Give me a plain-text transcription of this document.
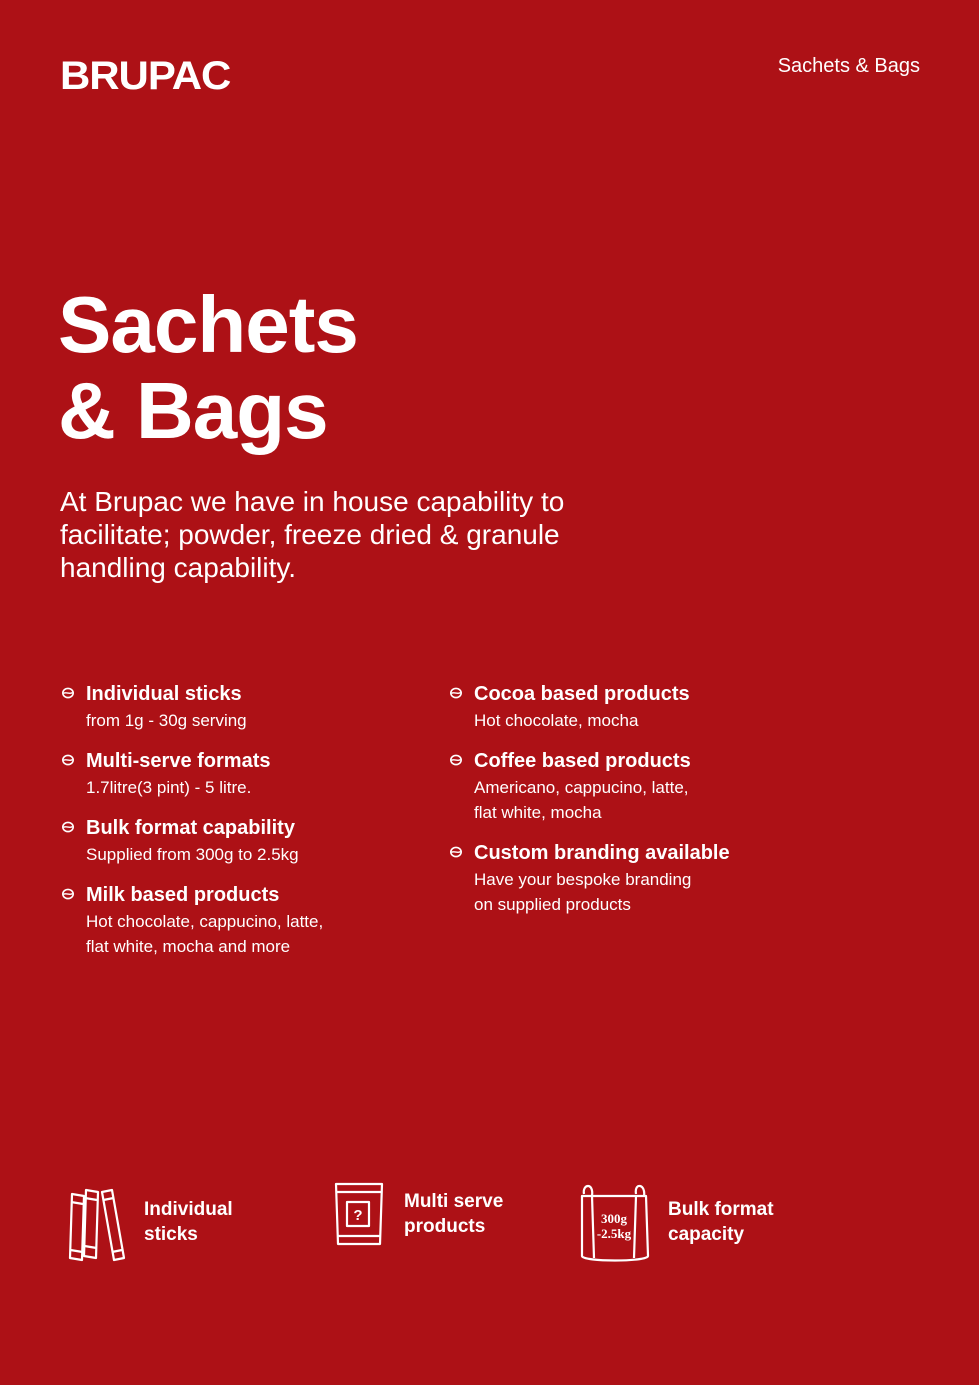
BRUPAC	Sachets & Bags
Sachets
& Bags
At Brupac we have in house capability to facilitate; powder, freeze dried & granule handling capability.
Individual sticks
from 1g - 30g serving
Multi-serve formats
1.7litre(3 pint) - 5 litre.
Bulk format capability
Supplied from 300g to 2.5kg
Milk based products
Hot chocolate, cappucino, latte,
flat white, mocha and more
Cocoa based products
Hot chocolate, mocha
Coffee based products
Americano, cappucino, latte,
flat white, mocha
Custom branding available
Have your bespoke branding
on supplied products
Individual
sticks
?
Multi serve
products	300g
-2.5kg
Bulk format
capacity
